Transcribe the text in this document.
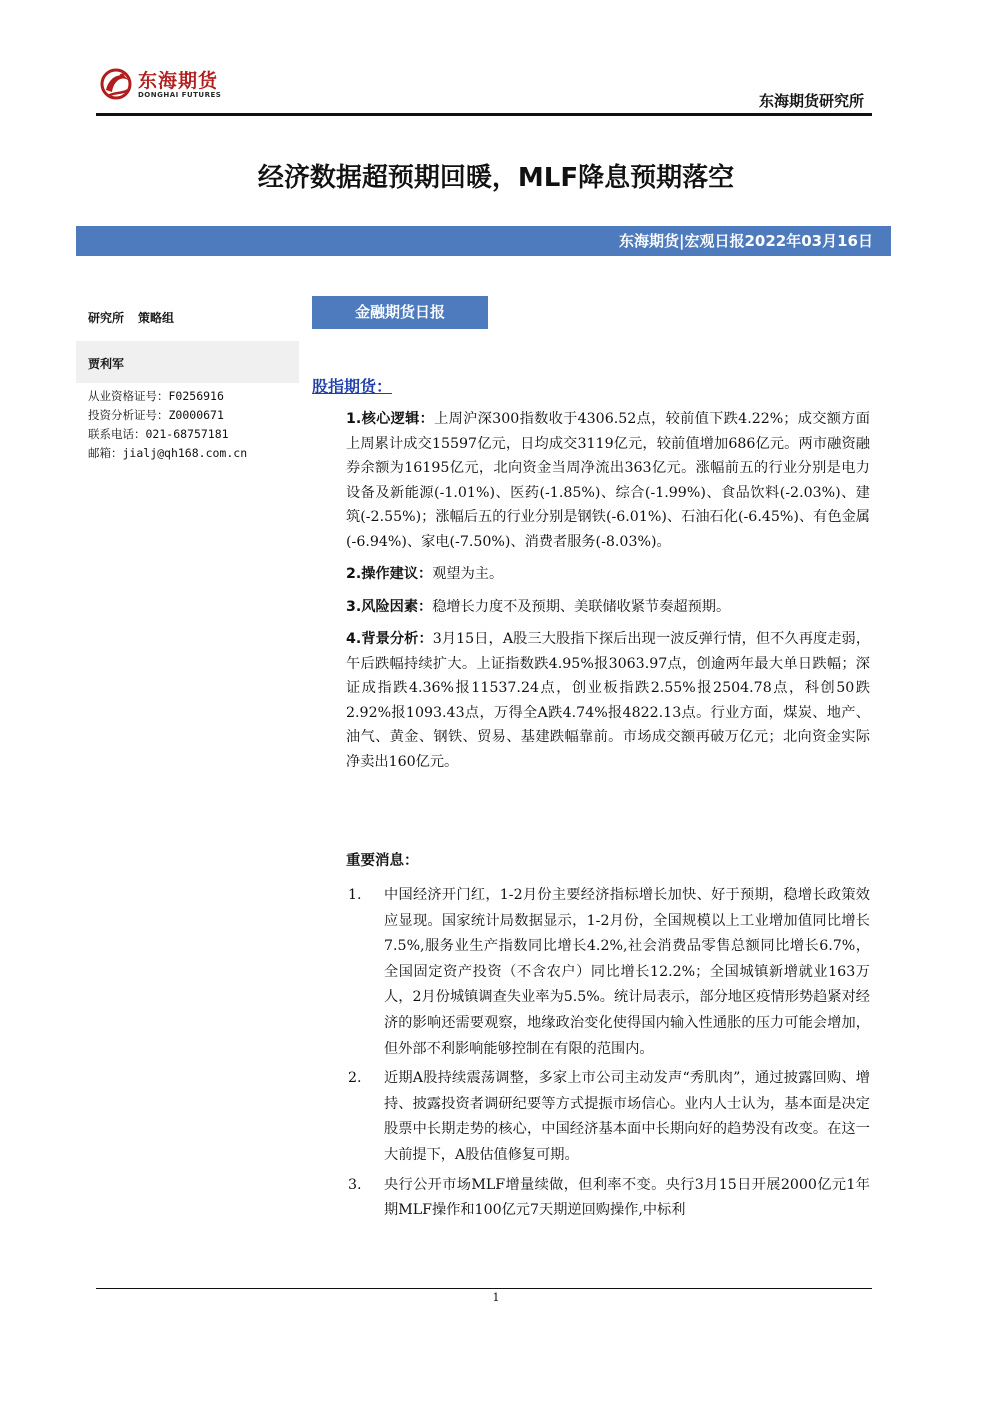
东海期货
DONGHAI FUTURES	东海期货研究所
经济数据超预期回暖，MLF降息预期落空
东海期货|宏观日报2022年03月16日
研究所 策略组
贾利军
从业资格证号：F0256916
投资分析证号：Z0000671
联系电话：021-68757181
邮箱：jialj@qh168.com.cn
金融期货日报
股指期货：

1.核心逻辑：上周沪深300指数收于4306.52点，较前值下跌4.22%；成交额方面上周累计成交15597亿元，日均成交3119亿元，较前值增加686亿元。两市融资融券余额为16195亿元，北向资金当周净流出363亿元。涨幅前五的行业分别是电力设备及新能源(-1.01%)、医药(-1.85%)、综合(-1.99%)、食品饮料(-2.03%)、建筑(-2.55%)；涨幅后五的行业分别是钢铁(-6.01%)、石油石化(-6.45%)、有色金属(-6.94%)、家电(-7.50%)、消费者服务(-8.03%)。

2.操作建议：观望为主。

3.风险因素：稳增长力度不及预期、美联储收紧节奏超预期。

4.背景分析：3月15日，A股三大股指下探后出现一波反弹行情，但不久再度走弱，午后跌幅持续扩大。上证指数跌4.95%报3063.97点，创逾两年最大单日跌幅；深证成指跌4.36%报11537.24点，创业板指跌2.55%报2504.78点，科创50跌2.92%报1093.43点，万得全A跌4.74%报4822.13点。行业方面，煤炭、地产、油气、黄金、钢铁、贸易、基建跌幅靠前。市场成交额再破万亿元；北向资金实际净卖出160亿元。

重要消息：
1. 中国经济开门红，1-2月份主要经济指标增长加快、好于预期，稳增长政策效应显现。国家统计局数据显示，1-2月份，全国规模以上工业增加值同比增长7.5%,服务业生产指数同比增长4.2%,社会消费品零售总额同比增长6.7%，全国固定资产投资（不含农户）同比增长12.2%；全国城镇新增就业163万人，2月份城镇调查失业率为5.5%。统计局表示，部分地区疫情形势趋紧对经济的影响还需要观察，地缘政治变化使得国内输入性通胀的压力可能会增加，但外部不利影响能够控制在有限的范围内。
2. 近期A股持续震荡调整，多家上市公司主动发声“秀肌肉”，通过披露回购、增持、披露投资者调研纪要等方式提振市场信心。业内人士认为，基本面是决定股票中长期走势的核心，中国经济基本面中长期向好的趋势没有改变。在这一大前提下，A股估值修复可期。
3. 央行公开市场MLF增量续做，但利率不变。央行3月15日开展2000亿元1年期MLF操作和100亿元7天期逆回购操作,中标利
1
